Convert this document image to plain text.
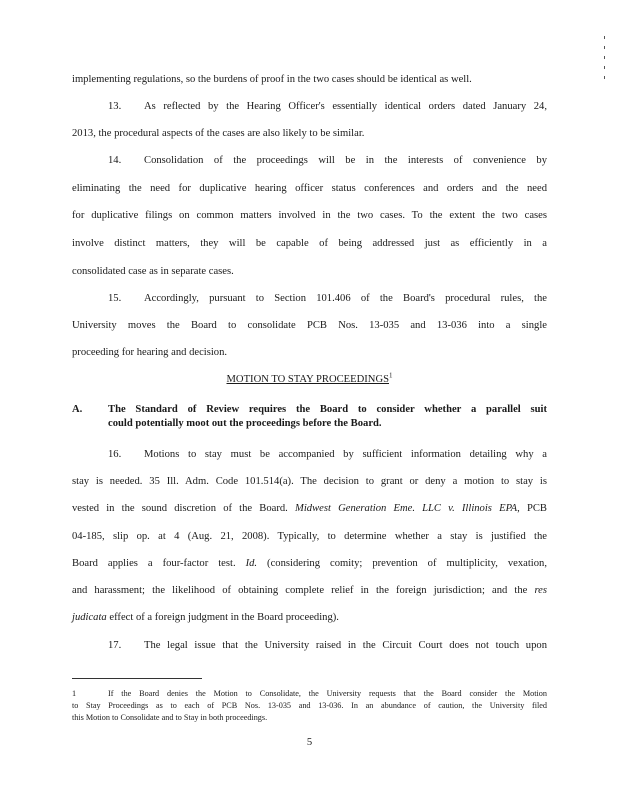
implementing regulations, so the burdens of proof in the two cases should be identical as well.
13. As reflected by the Hearing Officer's essentially identical orders dated January 24,
2013, the procedural aspects of the cases are also likely to be similar.
14. Consolidation of the proceedings will be in the interests of convenience by
eliminating the need for duplicative hearing officer status conferences and orders and the need
for duplicative filings on common matters involved in the two cases. To the extent the two cases
involve distinct matters, they will be capable of being addressed just as efficiently in a
consolidated case as in separate cases.
15. Accordingly, pursuant to Section 101.406 of the Board's procedural rules, the
University moves the Board to consolidate PCB Nos. 13-035 and 13-036 into a single
proceeding for hearing and decision.
MOTION TO STAY PROCEEDINGS$^1$
A. The Standard of Review requires the Board to consider whether a parallel suit
could potentially moot out the proceedings before the Board.
16. Motions to stay must be accompanied by sufficient information detailing why a
stay is needed. 35 Ill. Adm. Code 101.514(a). The decision to grant or deny a motion to stay is
vested in the sound discretion of the Board. Midwest Generation Eme. LLC v. Illinois EPA, PCB
04-185, slip op. at 4 (Aug. 21, 2008). Typically, to determine whether a stay is justified the
Board applies a four-factor test. Id. (considering comity; prevention of multiplicity, vexation,
and harassment; the likelihood of obtaining complete relief in the foreign jurisdiction; and the res
judicata effect of a foreign judgment in the Board proceeding).
17. The legal issue that the University raised in the Circuit Court does not touch upon
1	If the Board denies the Motion to Consolidate, the University requests that the Board consider the Motion
to Stay Proceedings as to each of PCB Nos. 13-035 and 13-036. In an abundance of caution, the University filed
this Motion to Consolidate and to Stay in both proceedings.
5
